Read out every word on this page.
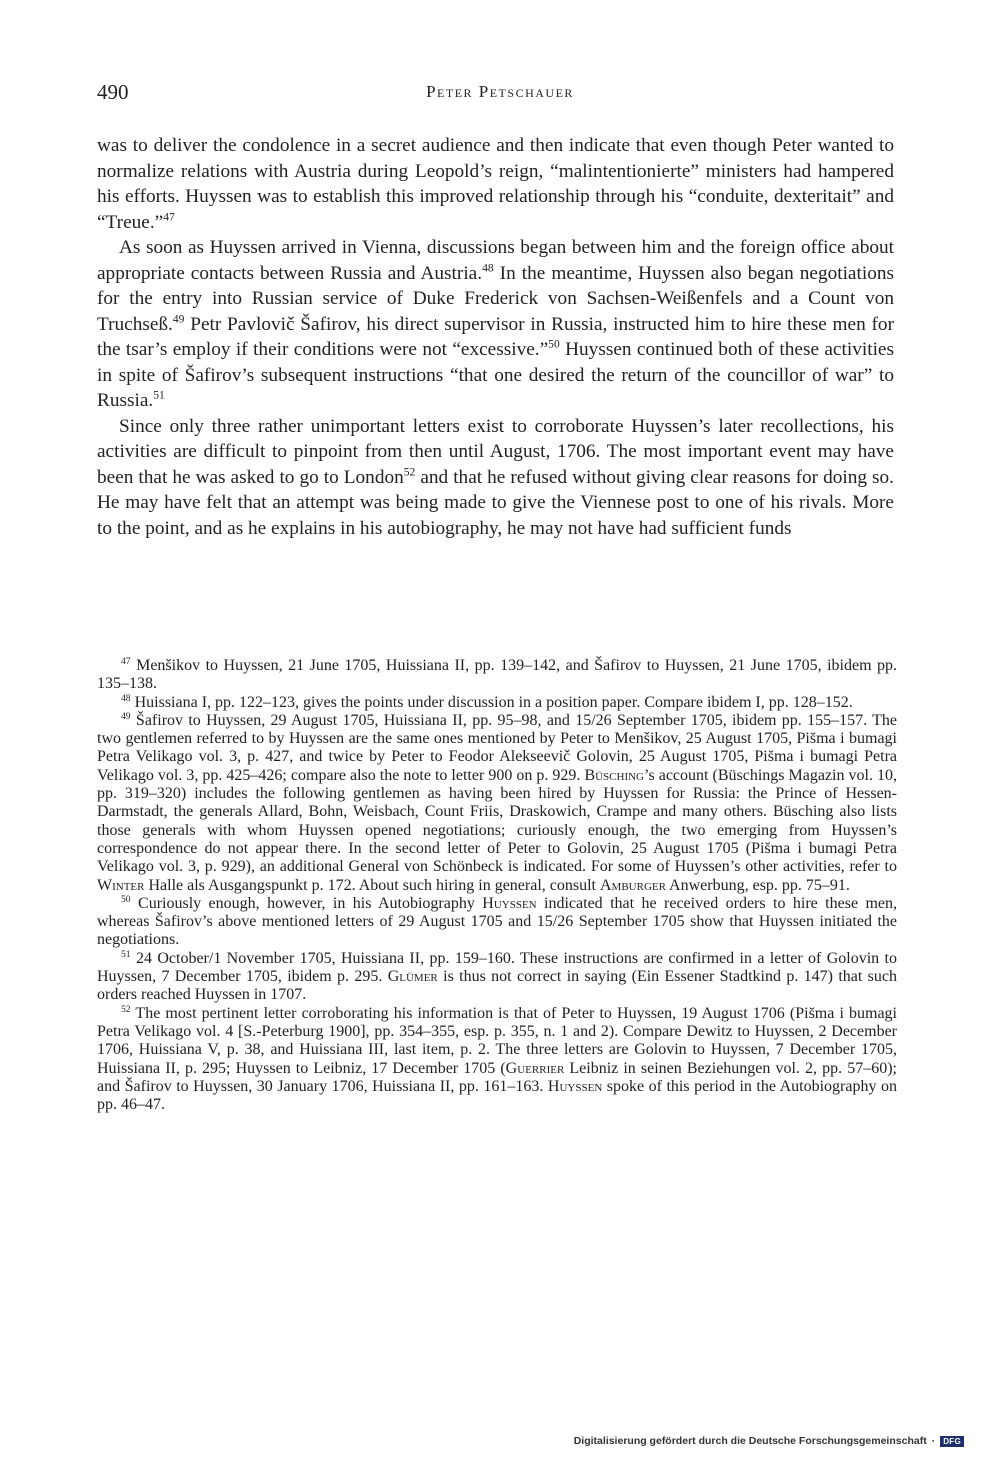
490	Peter Petschauer

was to deliver the condolence in a secret audience and then indicate that even though Peter wanted to normalize relations with Austria during Leopold’s reign, “malintentionierte” ministers had hampered his efforts. Huyssen was to establish this improved relationship through his “conduite, dexteritait” and “Treue.”$^{47}$

As soon as Huyssen arrived in Vienna, discussions began between him and the foreign office about appropriate contacts between Russia and Austria.$^{48}$ In the meantime, Huyssen also began negotiations for the entry into Russian service of Duke Frederick von Sachsen-Weißenfels and a Count von Truchseß.$^{49}$ Petr Pavlovič Šafirov, his direct supervisor in Russia, instructed him to hire these men for the tsar’s employ if their conditions were not “excessive.”$^{50}$ Huyssen continued both of these activities in spite of Šafirov’s subsequent instructions “that one desired the return of the councillor of war” to Russia.$^{51}$

Since only three rather unimportant letters exist to corroborate Huyssen’s later recollections, his activities are difficult to pinpoint from then until August, 1706. The most important event may have been that he was asked to go to London$^{52}$ and that he refused without giving clear reasons for doing so. He may have felt that an attempt was being made to give the Viennese post to one of his rivals. More to the point, and as he explains in his autobiography, he may not have had sufficient funds

$^{47}$ Menšikov to Huyssen, 21 June 1705, Huissiana II, pp. 139–142, and Šafirov to Huyssen, 21 June 1705, ibidem pp. 135–138.

$^{48}$ Huissiana I, pp. 122–123, gives the points under discussion in a position paper. Compare ibidem I, pp. 128–152.

$^{49}$ Šafirov to Huyssen, 29 August 1705, Huissiana II, pp. 95–98, and 15/26 September 1705, ibidem pp. 155–157. The two gentlemen referred to by Huyssen are the same ones mentioned by Peter to Menšikov, 25 August 1705, Pis̆ma i bumagi Petra Velikago vol. 3, p. 427, and twice by Peter to Feodor Alekseevič Golovin, 25 August 1705, Pis̆ma i bumagi Petra Velikago vol. 3, pp. 425–426; compare also the note to letter 900 on p. 929. Büsching’s account (Büschings Magazin vol. 10, pp. 319–320) includes the following gentlemen as having been hired by Huyssen for Russia: the Prince of Hessen-Darmstadt, the generals Allard, Bohn, Weisbach, Count Friis, Draskowich, Crampe and many others. Büsching also lists those generals with whom Huyssen opened negotiations; curiously enough, the two emerging from Huyssen’s correspondence do not appear there. In the second letter of Peter to Golovin, 25 August 1705 (Pis̆ma i bumagi Petra Velikago vol. 3, p. 929), an additional General von Schönbeck is indicated. For some of Huyssen’s other activities, refer to Winter Halle als Ausgangspunkt p. 172. About such hiring in general, consult Amburger Anwerbung, esp. pp. 75–91.

$^{50}$ Curiously enough, however, in his Autobiography Huyssen indicated that he received orders to hire these men, whereas Šafirov’s above mentioned letters of 29 August 1705 and 15/26 September 1705 show that Huyssen initiated the negotiations.

$^{51}$ 24 October/1 November 1705, Huissiana II, pp. 159–160. These instructions are confirmed in a letter of Golovin to Huyssen, 7 December 1705, ibidem p. 295. Glümer is thus not correct in saying (Ein Essener Stadtkind p. 147) that such orders reached Huyssen in 1707.

$^{52}$ The most pertinent letter corroborating his information is that of Peter to Huyssen, 19 August 1706 (Pis̆ma i bumagi Petra Velikago vol. 4 [S.-Peterburg 1900], pp. 354–355, esp. p. 355, n. 1 and 2). Compare Dewitz to Huyssen, 2 December 1706, Huissiana V, p. 38, and Huissiana III, last item, p. 2. The three letters are Golovin to Huyssen, 7 December 1705, Huissiana II, p. 295; Huyssen to Leibniz, 17 December 1705 (Guerrier Leibniz in seinen Beziehungen vol. 2, pp. 57–60); and Šafirov to Huyssen, 30 January 1706, Huissiana II, pp. 161–163. Huyssen spoke of this period in the Autobiography on pp. 46–47.

Digitalisierung gefördert durch die Deutsche Forschungsgemeinschaft ·	DFG
